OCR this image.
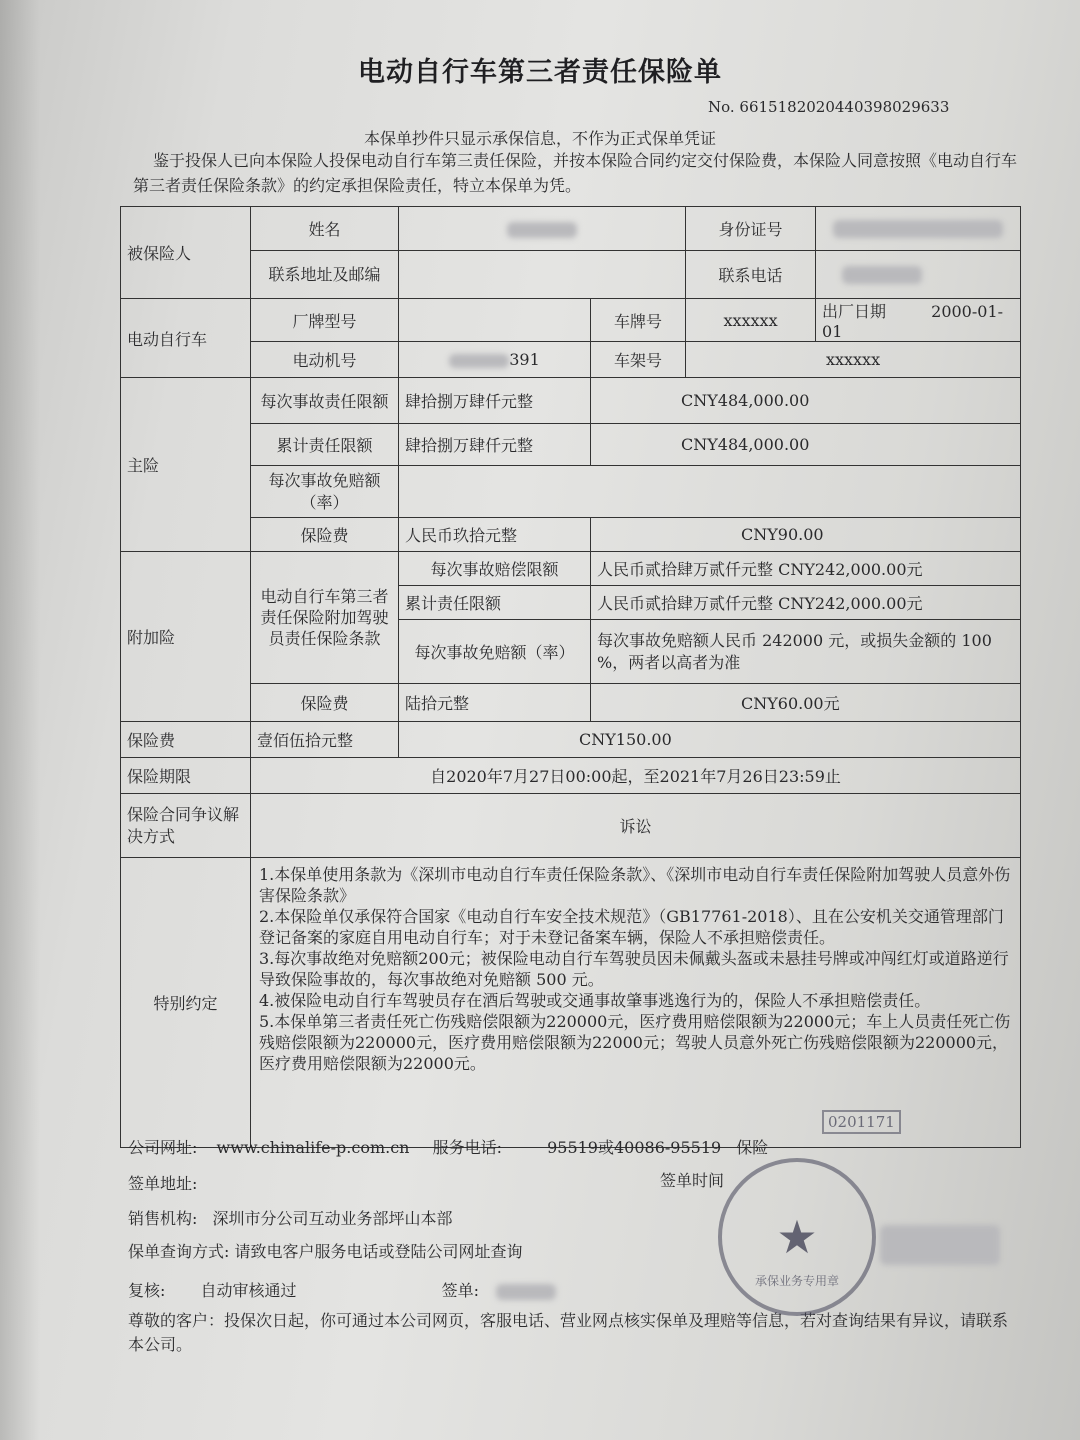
电动自行车第三者责任保险单
No. 6615182020440398029633
本保单抄件只显示承保信息，不作为正式保单凭证
鉴于投保人已向本保险人投保电动自行车第三责任保险，并按本保险合同约定交付保险费，本保险人同意按照《电动自行车第三者责任保险条款》的约定承担保险责任，特立本保单为凭。
被保险人	姓名			身份证号	
	联系地址及邮编			联系电话	
电动自行车	厂牌型号		车牌号	xxxxxx	出厂日期 2000-01-01
	电动机号	391	车架号	xxxxxx	
主险	每次事故责任限额	肆拾捌万肆仟元整	CNY484,000.00		
	累计责任限额	肆拾捌万肆仟元整	CNY484,000.00		
	每次事故免赔额（率）				
	保险费	人民币玖拾元整	CNY90.00		
附加险	电动自行车第三者责任保险附加驾驶员责任保险条款	每次事故赔偿限额	人民币贰拾肆万贰仟元整 CNY242,000.00元		
		累计责任限额	人民币贰拾肆万贰仟元整 CNY242,000.00元		
		每次事故免赔额（率）	每次事故免赔额人民币 242000 元，或损失金额的 100 %，两者以高者为准		
	保险费	陆拾元整	CNY60.00元		
保险费	壹佰伍拾元整	CNY150.00			
保险期限	自2020年7月27日00:00起，至2021年7月26日23:59止				
保险合同争议解决方式	诉讼				
特别约定	1.本保单使用条款为《深圳市电动自行车责任保险条款》、《深圳市电动自行车责任保险附加驾驶人员意外伤害保险条款》
2.本保险单仅承保符合国家《电动自行车安全技术规范》（GB17761-2018）、且在公安机关交通管理部门登记备案的家庭自用电动自行车；对于未登记备案车辆，保险人不承担赔偿责任。
3.每次事故绝对免赔额200元；被保险电动自行车驾驶员因未佩戴头盔或未悬挂号牌或冲闯红灯或道路逆行导致保险事故的，每次事故绝对免赔额 500 元。
4.被保险电动自行车驾驶员存在酒后驾驶或交通事故肇事逃逸行为的，保险人不承担赔偿责任。
5.本保单第三者责任死亡伤残赔偿限额为220000元，医疗费用赔偿限额为22000元；车上人员责任死亡伤残赔偿限额为220000元，医疗费用赔偿限额为22000元；驾驶人员意外死亡伤残赔偿限额为220000元，医疗费用赔偿限额为22000元。				
公司网址: www.chinalife-p.com.cn 服务电话:	95519或40086-95519 保险
签单地址:	签单时间
销售机构: 深圳市分公司互动业务部坪山本部
保单查询方式: 请致电客户服务电话或登陆公司网址查询
复核: 自动审核通过	签单:
尊敬的客户：投保次日起，你可通过本公司网页，客服电话、营业网点核实保单及理赔等信息，若对查询结果有异议，请联系本公司。
★
承保业务专用章
0201171
